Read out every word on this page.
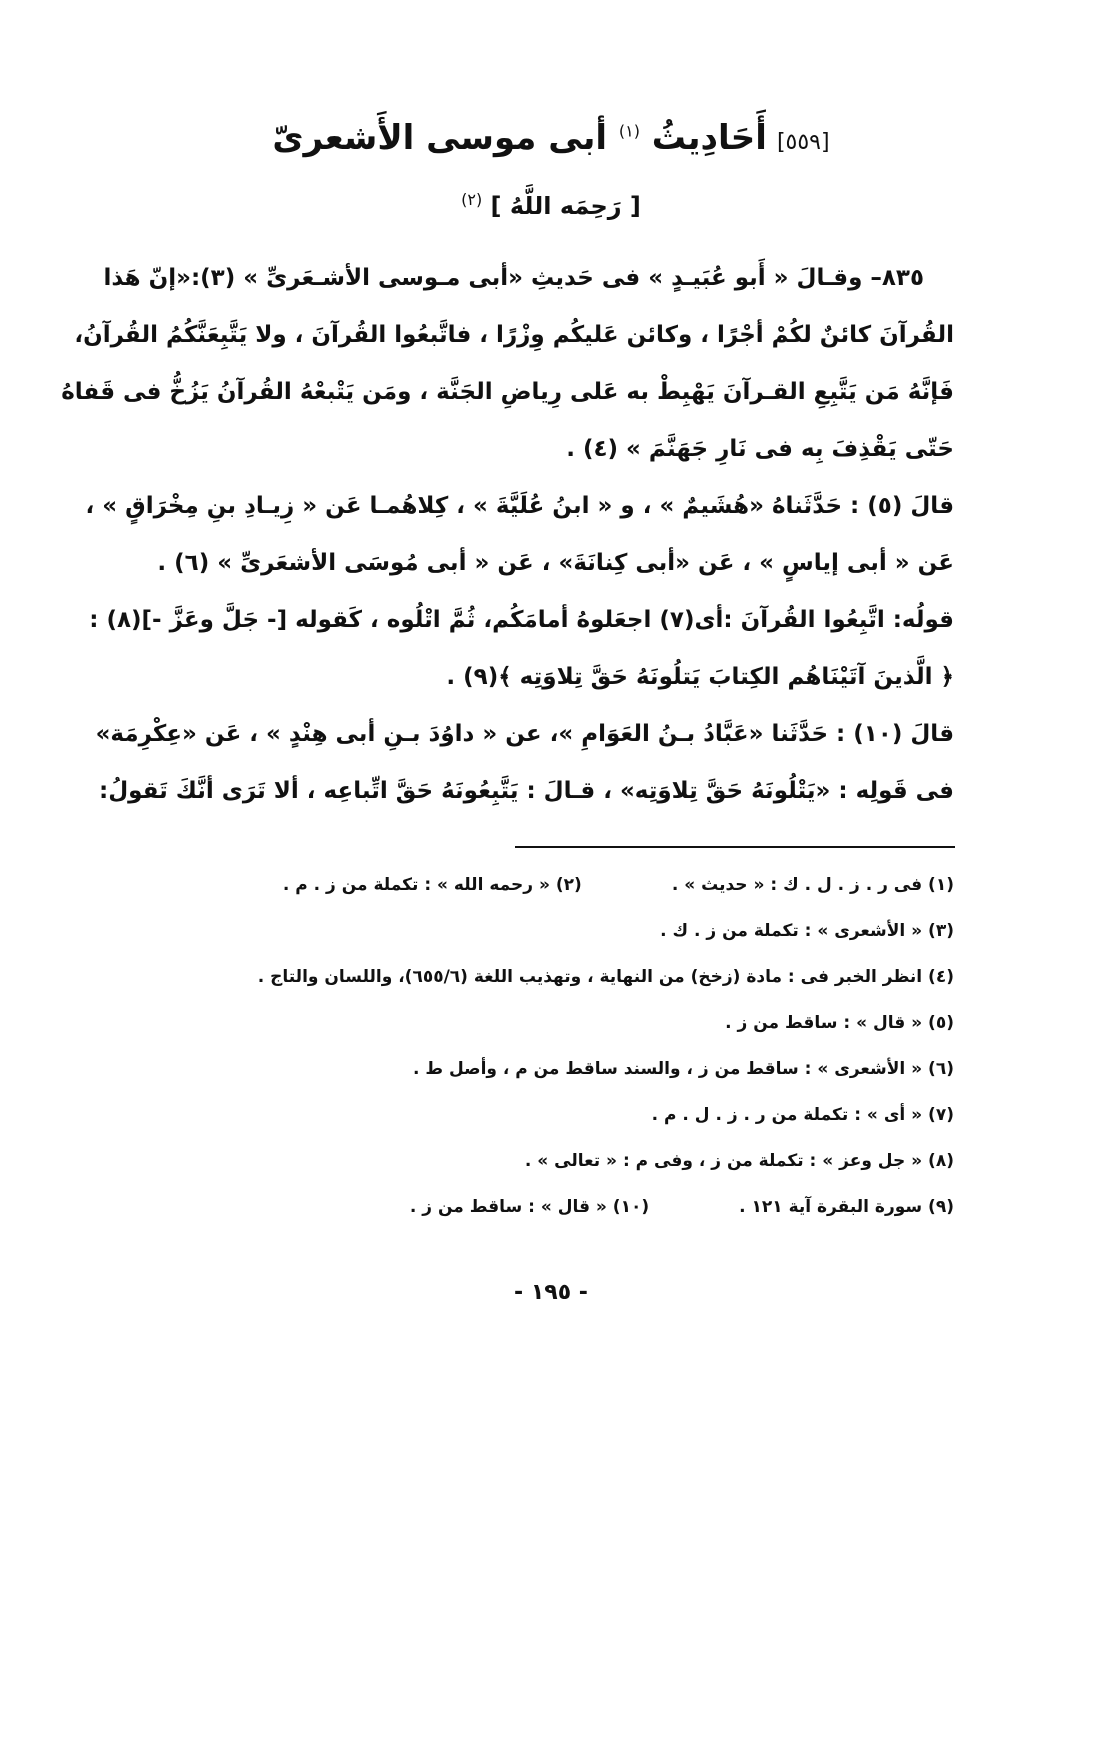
[٥٥٩]أَحَادِيثُ $^{(١)}$ أبى موسى الأَشعرىّ
[ رَحِمَه اللَّهُ ] $^{(٢)}$
٨٣٥– وقـالَ « أَبو عُبَيـدٍ » فى حَديثِ «أبى مـوسى الأشـعَرىِّ » (٣):«إنّ هَذا
القُرآنَ كائنٌ لكُمْ أجْرًا ، وكائن عَليكُم وِزْرًا ، فاتَّبعُوا القُرآنَ ، ولا يَتَّبِعَنَّكُمُ القُرآنُ،
فَإنَّهُ مَن يَتَّبِعِ القـرآنَ يَهْبِطْ به عَلى رِياضِ الجَنَّة ، ومَن يَتْبعْهُ القُرآنُ يَزُخُّ فى قَفاهُ
حَتّى يَقْذِفَ بِه فى نَارِ جَهَنَّمَ » (٤) .
قالَ (٥) : حَدَّثَناهُ «هُشَيمٌ » ، و « ابنُ عُلَيَّةَ » ، كِلاهُمـا عَن « زِيـادِ بنِ مِخْرَاقٍ » ،
عَن « أبى إياسٍ » ، عَن «أبى كِنانَةَ» ، عَن « أبى مُوسَى الأشعَرىِّ » (٦) .
قولُه: اتَّبِعُوا القُرآنَ :أى(٧) اجعَلوهُ أمامَكُم، ثُمَّ اتْلُوه ، كَقوله [- جَلَّ وعَزَّ -](٨) :
﴿ الَّذينَ آتَيْنَاهُم الكِتابَ يَتلُونَهُ حَقَّ تِلاوَتِه ﴾(٩) .
قالَ (١٠) : حَدَّثَنا «عَبَّادُ بـنُ العَوَامِ »، عن « داوُدَ بـنِ أبى هِنْدٍ » ، عَن «عِكْرِمَة»
فى قَولِه : «يَتْلُونَهُ حَقَّ تِلاوَتِه» ، قـالَ : يَتَّبِعُونَهُ حَقَّ اتِّباعِه ، ألا تَرَى أنَّكَ تَقولُ:
(١) فى ر . ز . ل . ك : « حديث » .(٢) « رحمه الله » : تكملة من ز . م .
(٣) « الأشعرى » : تكملة من ز . ك .
(٤) انظر الخبر فى : مادة (زخخ) من النهاية ، وتهذيب اللغة (٦٥٥/٦)، واللسان والتاج .
(٥) « قال » : ساقط من ز .
(٦) « الأشعرى » : ساقط من ز ، والسند ساقط من م ، وأصل ط .
(٧) « أى » : تكملة من ر . ز . ل . م .
(٨) « جل وعز » : تكملة من ز ، وفى م : « تعالى » .
(٩) سورة البقرة آية ١٢١ .(١٠) « قال » : ساقط من ز .
- ١٩٥ -
